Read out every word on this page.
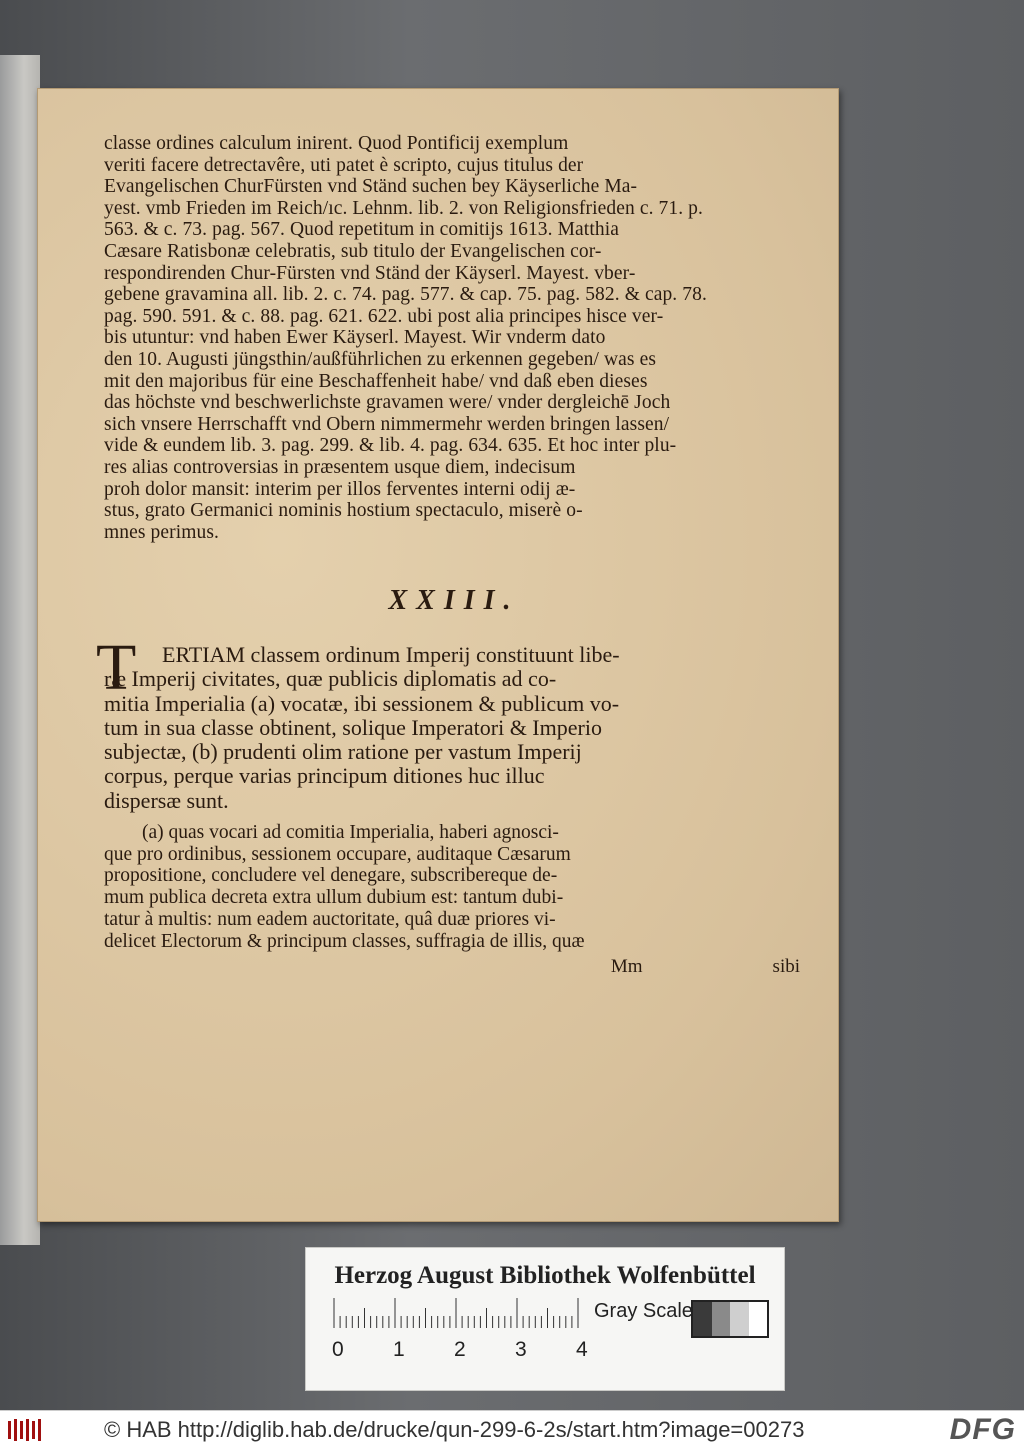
classe ordines calculum inirent. Quod Pontificij exemplum
veriti facere detrectavêre, uti patet è scripto, cujus titulus der
Evangelischen ChurFürsten vnd Ständ suchen bey Käyserliche Ma-
yest. vmb Frieden im Reich/ıc. Lehnm. lib. 2. von Religionsfrieden c. 71. p.
563. & c. 73. pag. 567. Quod repetitum in comitijs 1613. Matthia
Cæsare Ratisbonæ celebratis, sub titulo der Evangelischen cor-
respondirenden Chur-Fürsten vnd Ständ der Käyserl. Mayest. vber-
gebene gravamina all. lib. 2. c. 74. pag. 577. & cap. 75. pag. 582. & cap. 78.
pag. 590. 591. & c. 88. pag. 621. 622. ubi post alia principes hisce ver-
bis utuntur: vnd haben Ewer Käyserl. Mayest. Wir vnderm dato
den 10. Augusti jüngsthin/außführlichen zu erkennen gegeben/ was es
mit den majoribus für eine Beschaffenheit habe/ vnd daß eben dieses
das höchste vnd beschwerlichste gravamen were/ vnder dergleichē Joch
sich vnsere Herrschafft vnd Obern nimmermehr werden bringen lassen/
vide & eundem lib. 3. pag. 299. & lib. 4. pag. 634. 635. Et hoc inter plu-
res alias controversias in præsentem usque diem, indecisum
proh dolor mansit: interim per illos ferventes interni odij æ-
stus, grato Germanici nominis hostium spectaculo, miserè o-
mnes perimus.
XXIII.
T	ERTIAM classem ordinum Imperij constituunt libe-
ræ Imperij civitates, quæ publicis diplomatis ad co-
mitia Imperialia (a) vocatæ, ibi sessionem & publicum vo-
tum in sua classe obtinent, solique Imperatori & Imperio
subjectæ, (b) prudenti olim ratione per vastum Imperij
corpus, perque varias principum ditiones huc illuc
dispersæ sunt.
(a) quas vocari ad comitia Imperialia, haberi agnosci-
que pro ordinibus, sessionem occupare, auditaque Cæsarum
propositione, concludere vel denegare, subscribereque de-
mum publica decreta extra ullum dubium est: tantum dubi-
tatur à multis: num eadem auctoritate, quâ duæ priores vi-
delicet Electorum & principum classes, suffragia de illis, quæ
Mm	sibi
Herzog August Bibliothek Wolfenbüttel
0 1 2 3 4
Gray Scale
© HAB http://diglib.hab.de/drucke/qun-299-6-2s/start.htm?image=00273	DFG
